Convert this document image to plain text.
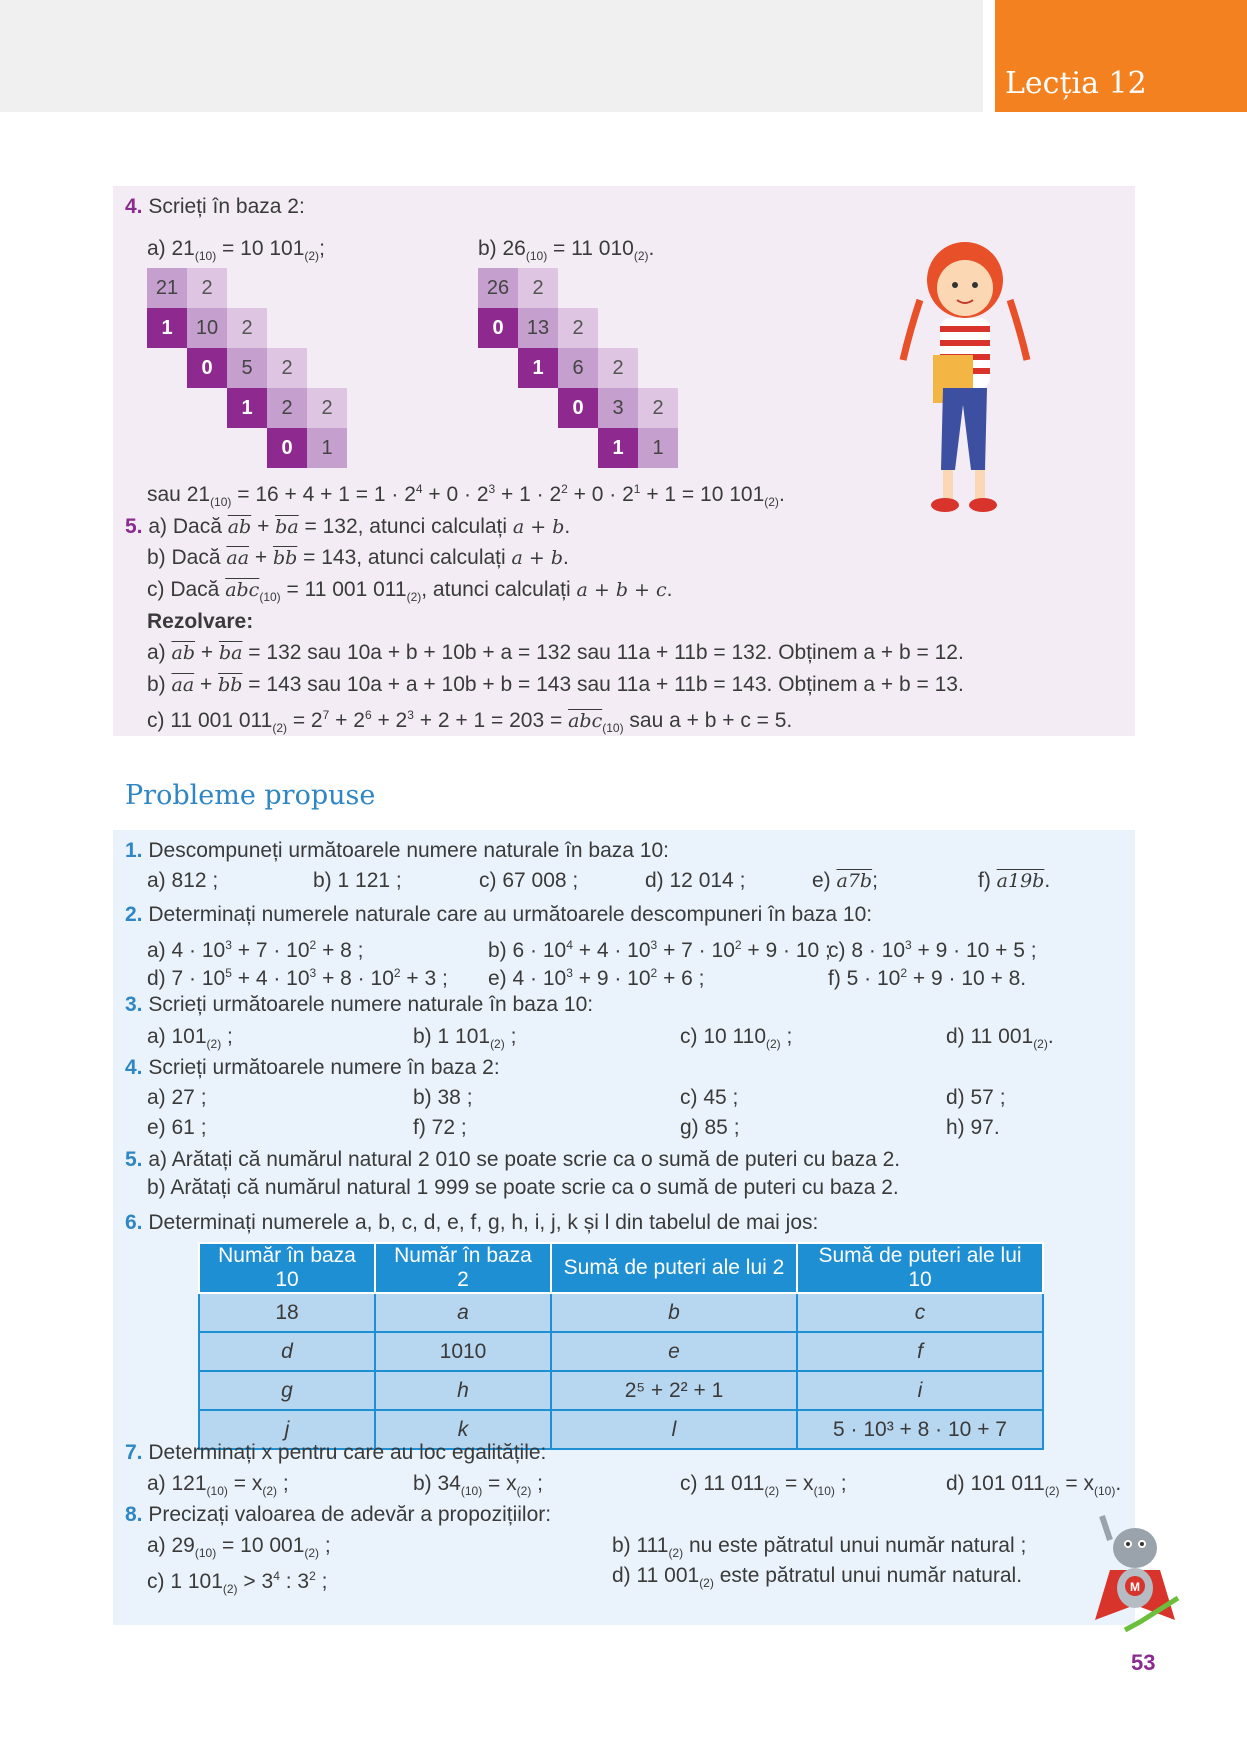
Lecția 12
4. Scrieți în baza 2:
a) $21_{(10)} = 10$ $101_{(2)}$;	b) $26_{(10)} = 11$ $010_{(2)}$.
21	2
1	10	2
0	5	2
1	2	2
0	1
26	2
0	13	2
1	6	2
0	3	2
1	1
sau $21_{(10)} = 16 + 4 + 1 = 1 \cdot 2^4 + 0 \cdot 2^3 + 1 \cdot 2^2 + 0 \cdot 2^1 + 1 = 10$ $101_{(2)}$.
5. a) Dacă $\overline{ab} + \overline{ba} = 132$, atunci calculați a + b.
b) Dacă $\overline{aa} + \overline{bb} = 143$, atunci calculați a + b.
c) Dacă $\overline{abc}_{(10)} = 11$ 001 $011_{(2)}$, atunci calculați a + b + c.
Rezolvare:
a) $\overline{ab} + \overline{ba} = 132$ sau 10a + b + 10b + a = 132 sau 11a + 11b = 132. Obținem a + b = 12.
b) $\overline{aa} + \overline{bb} = 143$ sau 10a + a + 10b + b = 143 sau 11a + 11b = 143. Obținem a + b = 13.
c) 11 001 $011_{(2)} = 2^7 + 2^6 + 2^3 + 2 + 1 = 203 = \overline{abc}_{(10)}$ sau a + b + c = 5.
Probleme propuse
1. Descompuneți următoarele numere naturale în baza 10:
a) 812 ;	b) 1 121 ;	c) 67 008 ;	d) 12 014 ;	e) a7b;	f) a19b.
2. Determinați numerele naturale care au următoarele descompuneri în baza 10:
a) $4 \cdot 10^3 + 7 \cdot 10^2 + 8$ ;	b) $6 \cdot 10^4 + 4 \cdot 10^3 + 7 \cdot 10^2 + 9 \cdot 10$ ;
c) $8 \cdot 10^3 + 9 \cdot 10 + 5$ ;
d) $7 \cdot 10^5 + 4 \cdot 10^3 + 8 \cdot 10^2 + 3$ ; e) $4 \cdot 10^3 + 9 \cdot 10^2 + 6$ ;	f) $5 \cdot 10^2 + 9 \cdot 10 + 8$.
3. Scrieți următoarele numere naturale în baza 10:
a) $101_{(2)}$ ;	b) 1 $101_{(2)}$ ;	c) 10 $110_{(2)}$ ;	d) 11 $001_{(2)}$.
4. Scrieți următoarele numere în baza 2:
a) 27 ;	b) 38 ;	c) 45 ;	d) 57 ;
e) 61 ;	f) 72 ;	g) 85 ;	h) 97.
5. a) Arătați că numărul natural 2 010 se poate scrie ca o sumă de puteri cu baza 2.
b) Arătați că numărul natural 1 999 se poate scrie ca o sumă de puteri cu baza 2.
6. Determinați numerele a, b, c, d, e, f, g, h, i, j, k și l din tabelul de mai jos:
Număr în baza 10	Număr în baza 2	Sumă de puteri ale lui 2	Sumă de puteri ale lui 10
18	a	b	c
d	1010	e	f
g	h	2⁵ + 2² + 1	i
j	k	l	5 · 10³ + 8 · 10 + 7
7. Determinați x pentru care au loc egalitățile:
a) $121_{(10)} = x_{(2)}$ ;	b) $34_{(10)} = x_{(2)}$ ;	c) 11 $011_{(2)} = x_{(10)}$ ;	d) 101 $011_{(2)} = x_{(10)}$.
8. Precizați valoarea de adevăr a propozițiilor:
a) $29_{(10)} = 10$ $001_{(2)}$ ;	b) $111_{(2)}$ nu este pătratul unui număr natural ;
c) 1 $101_{(2)} > 3^4$ : $3^2$ ;	d) 11 $001_{(2)}$ este pătratul unui număr natural.	M
53
